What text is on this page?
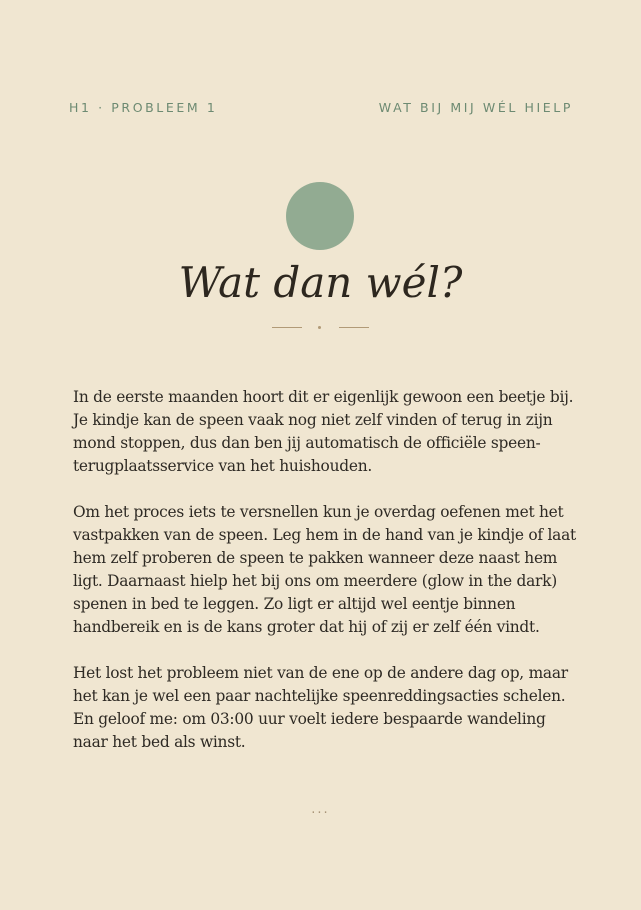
H1 · PROBLEEM 1	WAT BIJ MIJ WÉL HIELP
Wat dan wél?

In de eerste maanden hoort dit er eigenlijk gewoon een beetje bij.
Je kindje kan de speen vaak nog niet zelf vinden of terug in zijn
mond stoppen, dus dan ben jij automatisch de officiële speen-
terugplaatsservice van het huishouden.

Om het proces iets te versnellen kun je overdag oefenen met het
vastpakken van de speen. Leg hem in de hand van je kindje of laat
hem zelf proberen de speen te pakken wanneer deze naast hem
ligt. Daarnaast hielp het bij ons om meerdere (glow in the dark)
spenen in bed te leggen. Zo ligt er altijd wel eentje binnen
handbereik en is de kans groter dat hij of zij er zelf één vindt.

Het lost het probleem niet van de ene op de andere dag op, maar
het kan je wel een paar nachtelijke speenreddingsacties schelen.
En geloof me: om 03:00 uur voelt iedere bespaarde wandeling
naar het bed als winst.

...
